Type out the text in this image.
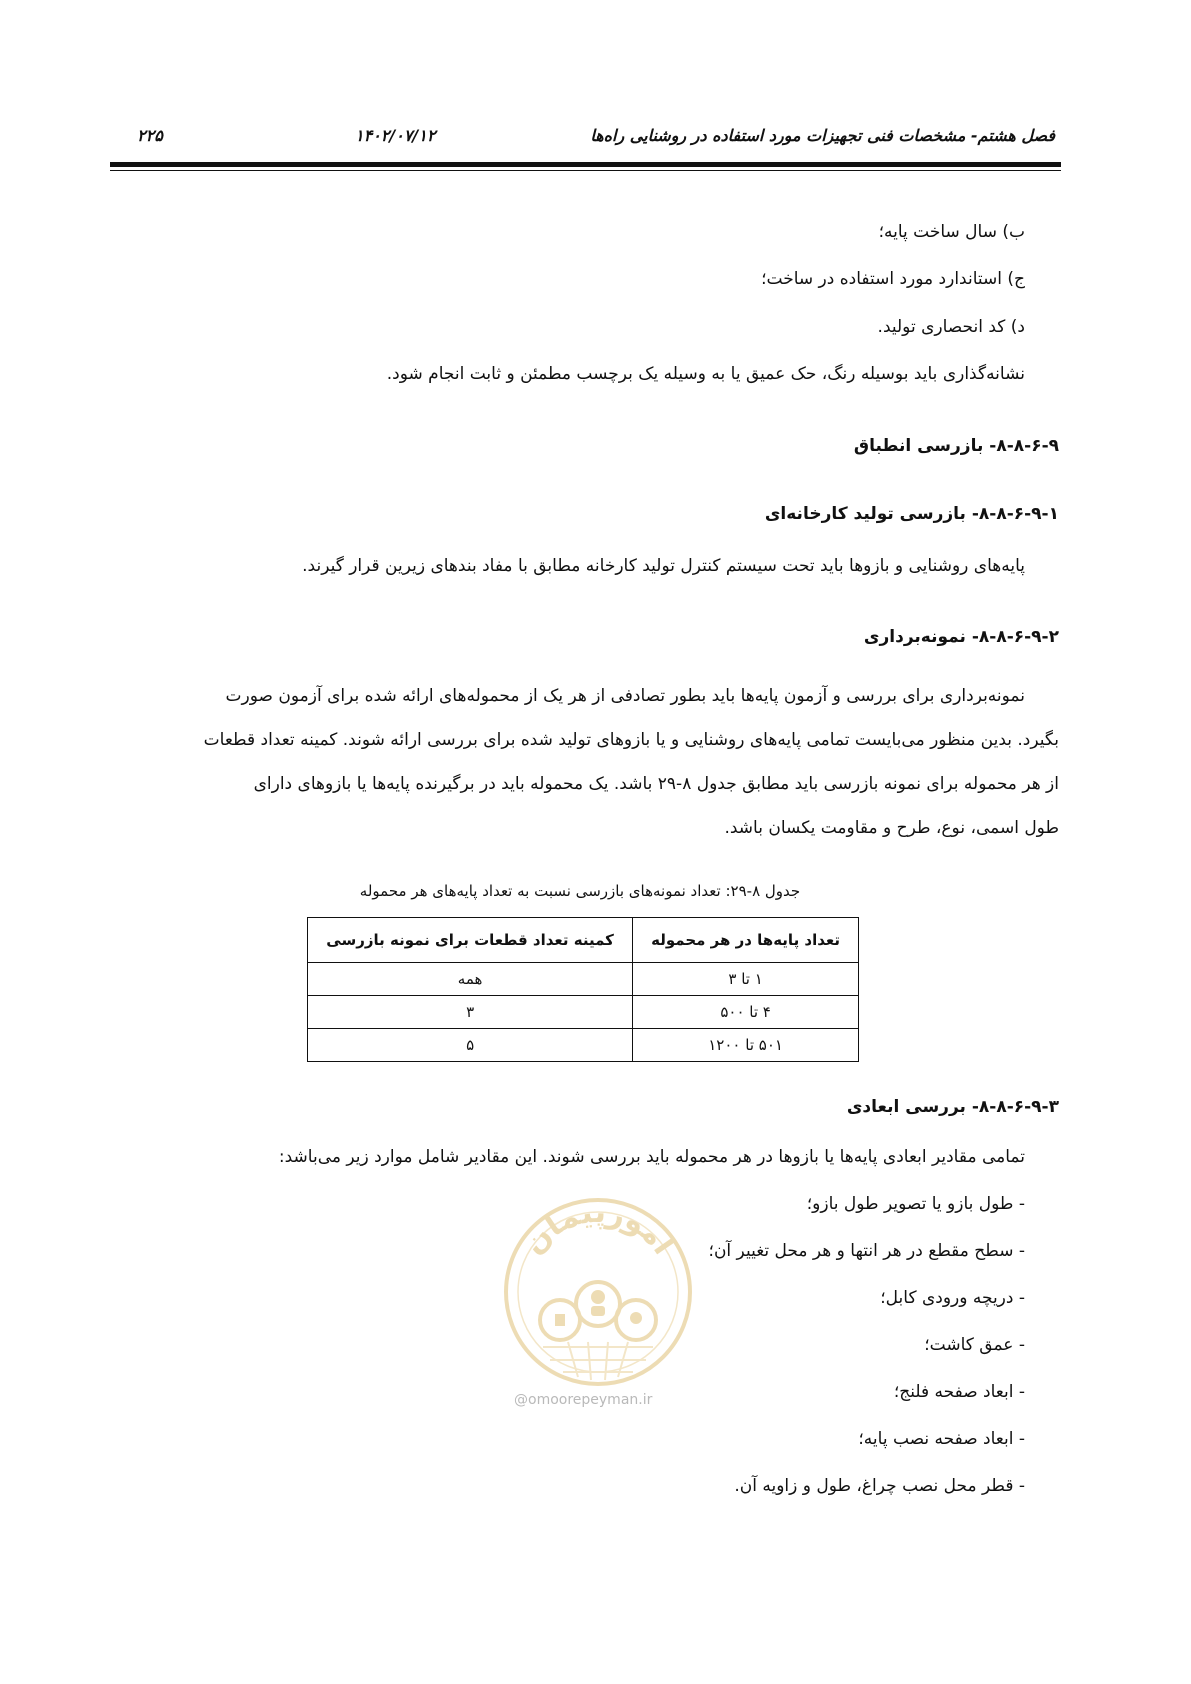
فصل هشتم- مشخصات فنی تجهیزات مورد استفاده در روشنایی راه‌ها
۱۴۰۲/۰۷/۱۲
۲۲۵
ب) سال ساخت پایه؛
ج) استاندارد مورد استفاده در ساخت؛
د) کد انحصاری تولید.
نشانه‌گذاری باید بوسیله رنگ، حک عمیق یا به وسیله یک برچسب مطمئن و ثابت انجام شود.
۸-۸-۶-۹- بازرسی انطباق
۸-۸-۶-۹-۱- بازرسی تولید کارخانه‌ای
پایه‌های روشنایی و بازوها باید تحت سیستم کنترل تولید کارخانه مطابق با مفاد بندهای زیرین قرار گیرند.
۸-۸-۶-۹-۲- نمونه‌برداری
نمونه‌برداری برای بررسی و آزمون پایه‌ها باید بطور تصادفی از هر یک از محموله‌های ارائه شده برای آزمون صورت
بگیرد. بدین منظور می‌بایست تمامی پایه‌های روشنایی و یا بازوهای تولید شده برای بررسی ارائه شوند. کمینه تعداد قطعات
از هر محموله برای نمونه بازرسی باید مطابق جدول ۸-۲۹ باشد. یک محموله باید در برگیرنده پایه‌ها یا بازوهای دارای
طول اسمی، نوع، طرح و مقاومت یکسان باشد.
جدول ۸-۲۹: تعداد نمونه‌های بازرسی نسبت به تعداد پایه‌های هر محموله
تعداد پایه‌ها در هر محموله	کمینه تعداد قطعات برای نمونه بازرسی
۱ تا ۳	همه
۴ تا ۵۰۰	۳
۵۰۱ تا ۱۲۰۰	۵
۸-۸-۶-۹-۳- بررسی ابعادی
تمامی مقادیر ابعادی پایه‌ها یا بازوها در هر محموله باید بررسی شوند. این مقادیر شامل موارد زیر می‌باشد:
- طول بازو یا تصویر طول بازو؛
- سطح مقطع در هر انتها و هر محل تغییر آن؛
- دریچه ورودی کابل؛
- عمق کاشت؛
- ابعاد صفحه فلنج؛
- ابعاد صفحه نصب پایه؛
- قطر محل نصب چراغ، طول و زاویه آن.
امورپیمان
@omoorepeyman.ir
